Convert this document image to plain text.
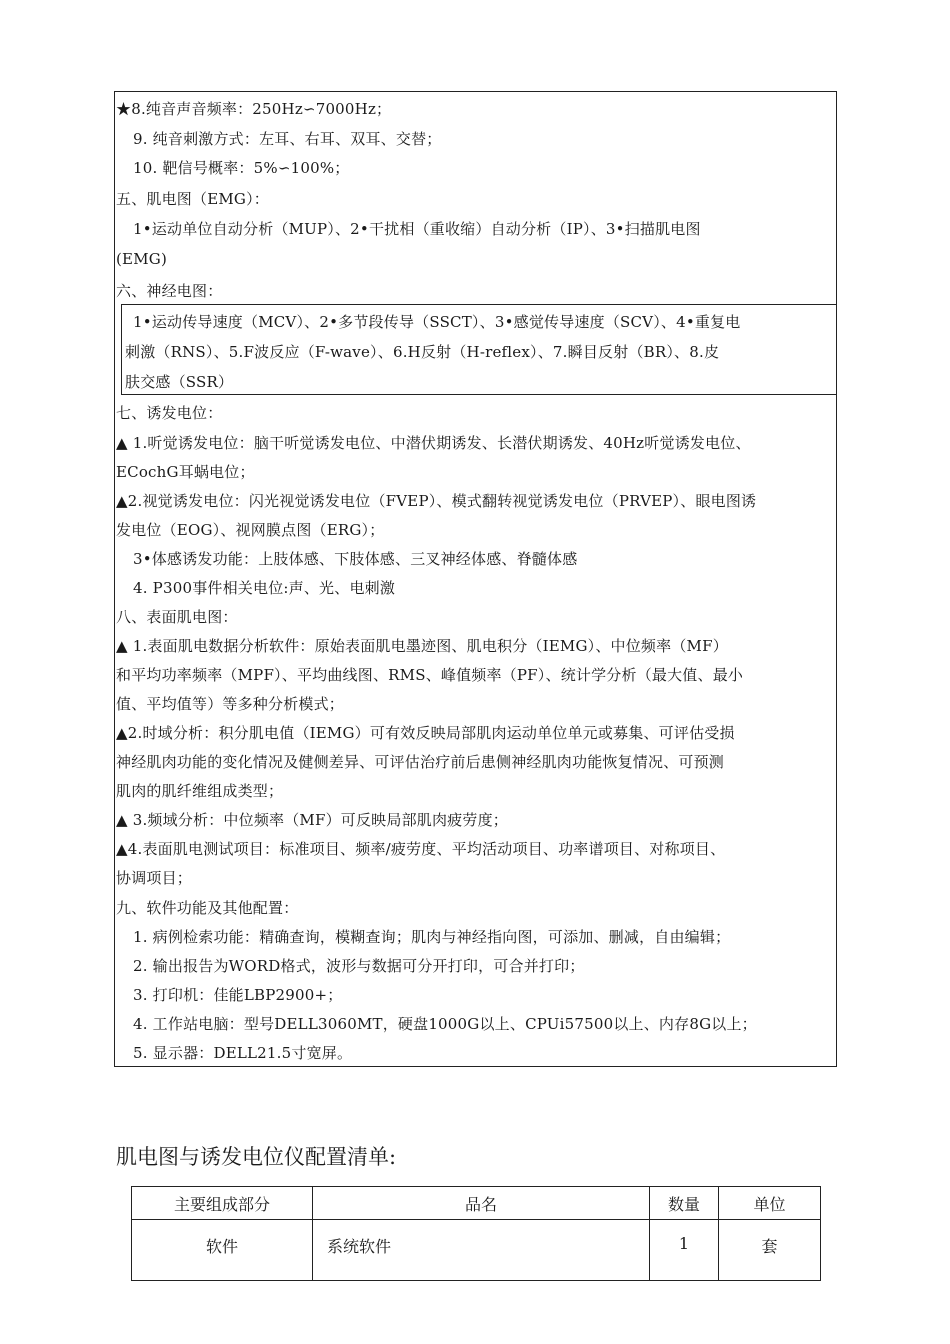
★8.纯音声音频率：250Hz∽7000Hz；
9. 纯音刺激方式：左耳、右耳、双耳、交替；
10. 靶信号概率：5%∽100%；
五、肌电图（EMG）：
1•运动单位自动分析（MUP）、2•干扰相（重收缩）自动分析（IP）、3•扫描肌电图
(EMG)
六、神经电图：
1•运动传导速度（MCV）、2•多节段传导（SSCT）、3•感觉传导速度（SCV）、4•重复电
刺激（RNS）、5.F波反应（F-wave）、6.H反射（H-reflex）、7.瞬目反射（BR）、8.皮
肤交感（SSR）
七、诱发电位：
▲ 1.听觉诱发电位：脑干听觉诱发电位、中潜伏期诱发、长潜伏期诱发、40Hz听觉诱发电位、
ECochG耳蜗电位；
▲2.视觉诱发电位：闪光视觉诱发电位（FVEP）、模式翻转视觉诱发电位（PRVEP）、眼电图诱
发电位（EOG）、视网膜点图（ERG）；
3•体感诱发功能：上肢体感、下肢体感、三叉神经体感、脊髓体感
4. P300事件相关电位:声、光、电刺激
八、表面肌电图：
▲ 1.表面肌电数据分析软件：原始表面肌电墨迹图、肌电积分（IEMG）、中位频率（MF）
和平均功率频率（MPF）、平均曲线图、RMS、峰值频率（PF）、统计学分析（最大值、最小
值、平均值等）等多种分析模式；
▲2.时域分析：积分肌电值（IEMG）可有效反映局部肌肉运动单位单元或募集、可评估受损
神经肌肉功能的变化情况及健侧差异、可评估治疗前后患侧神经肌肉功能恢复情况、可预测
肌肉的肌纤维组成类型；
▲ 3.频域分析：中位频率（MF）可反映局部肌肉疲劳度；
▲4.表面肌电测试项目：标准项目、频率/疲劳度、平均活动项目、功率谱项目、对称项目、
协调项目；
九、软件功能及其他配置：
1. 病例检索功能：精确查询，模糊查询；肌肉与神经指向图，可添加、删减，自由编辑；
2. 输出报告为WORD格式，波形与数据可分开打印，可合并打印；
3. 打印机：佳能LBP2900+；
4. 工作站电脑：型号DELL3060MT，硬盘1000G以上、CPUi57500以上、内存8G以上；
5. 显示器：DELL21.5寸宽屏。
肌电图与诱发电位仪配置清单:
主要组成部分	品名	数量	单位
软件	系统软件	1	套
